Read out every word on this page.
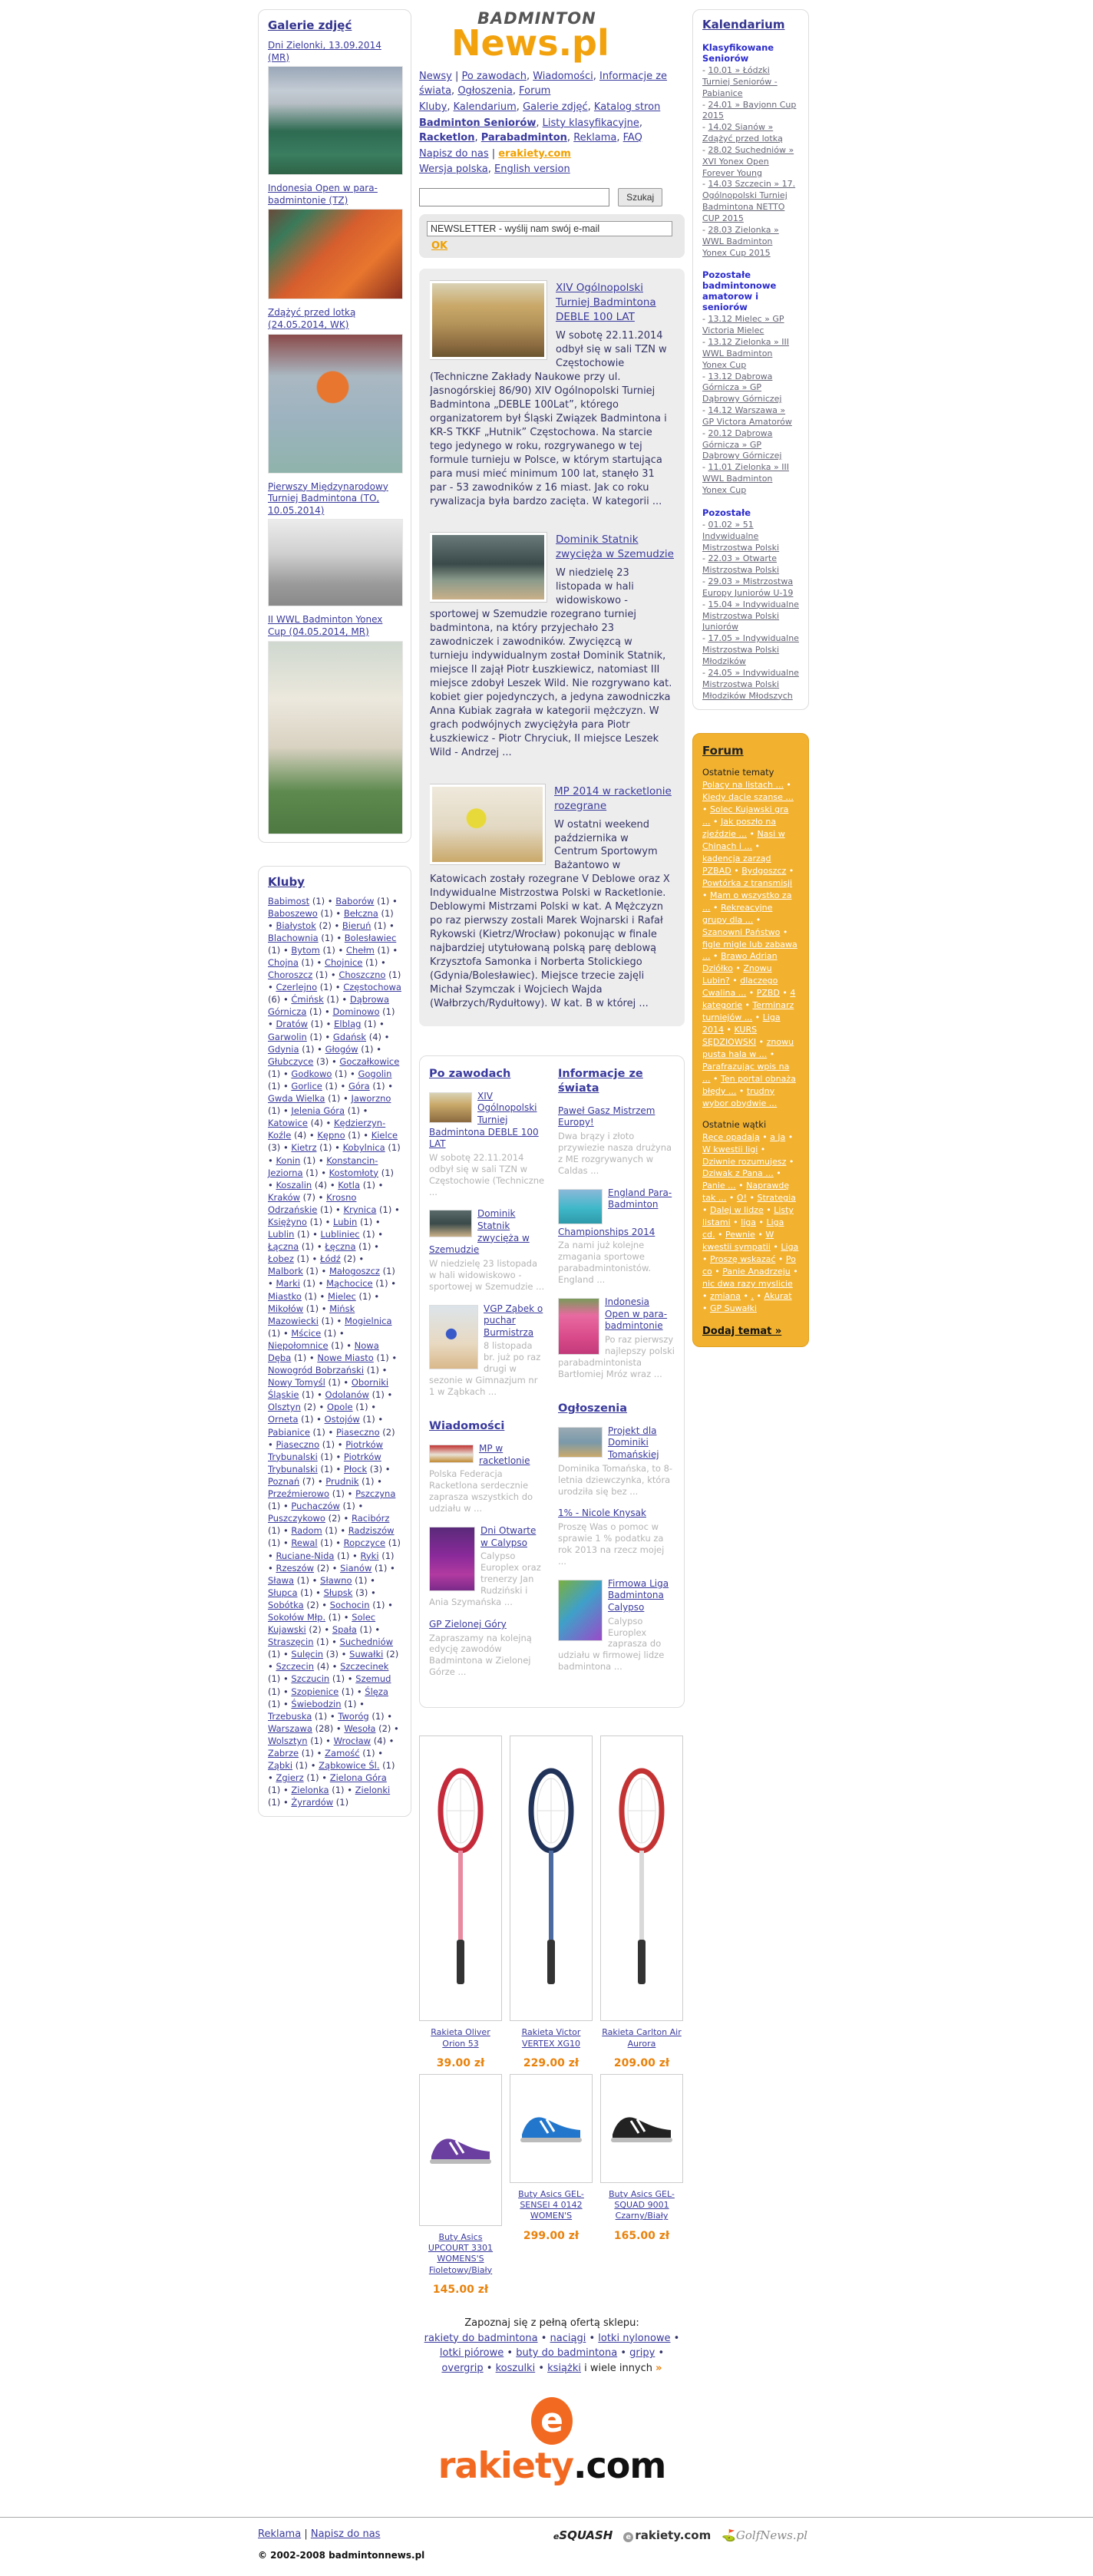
Galerie zdjęć
Dni Zielonki, 13.09.2014 (MR)
Indonesia Open w para-badmintonie (TZ)
Zdążyć przed lotką (24.05.2014, WK)
Pierwszy Międzynarodowy Turniej Badmintona (TO, 10.05.2014)
II WWL Badminton Yonex Cup (04.05.2014, MR)
Kluby
Babimost (1) • Baborów (1) • Baboszewo (1) • Bełczna (1) • Białystok (2) • Bieruń (1) • Blachownia (1) • Bolesławiec (1) • Bytom (1) • Chełm (1) • Chojna (1) • Chojnice (1) • Choroszcz (1) • Choszczno (1) • Czerlejno (1) • Częstochowa (6) • Ćmińsk (1) • Dąbrowa Górnicza (1) • Dominowo (1) • Dratów (1) • Elbląg (1) • Garwolin (1) • Gdańsk (4) • Gdynia (1) • Głogów (1) • Głubczyce (3) • Goczałkowice (1) • Godkowo (1) • Gogolin (1) • Gorlice (1) • Góra (1) • Gwda Wielka (1) • Jaworzno (1) • Jelenia Góra (1) • Katowice (4) • Kędzierzyn-Koźle (4) • Kępno (1) • Kielce (3) • Kietrz (1) • Kobylnica (1) • Konin (1) • Konstancin-Jeziorna (1) • Kostomłoty (1) • Koszalin (4) • Kotla (1) • Kraków (7) • Krosno Odrzańskie (1) • Krynica (1) • Księżyno (1) • Lubin (1) • Lublin (1) • Lubliniec (1) • Łączna (1) • Łęczna (1) • Łobez (1) • Łódź (2) • Malbork (1) • Małogoszcz (1) • Marki (1) • Mąchocice (1) • Miastko (1) • Mielec (1) • Mikołów (1) • Mińsk Mazowiecki (1) • Mogielnica (1) • Mścice (1) • Niepołomnice (1) • Nowa Dęba (1) • Nowe Miasto (1) • Nowogród Bobrzański (1) • Nowy Tomyśl (1) • Oborniki Śląskie (1) • Odolanów (1) • Olsztyn (2) • Opole (1) • Orneta (1) • Ostojów (1) • Pabianice (1) • Piaseczno (2) • Piaseczno (1) • Piotrków Trybunalski (1) • Piotrków Trybunalski (1) • Płock (3) • Poznań (7) • Prudnik (1) • Przeźmierowo (1) • Pszczyna (1) • Puchaczów (1) • Puszczykowo (2) • Racibórz (1) • Radom (1) • Radziszów (1) • Rewal (1) • Ropczyce (1) • Ruciane-Nida (1) • Ryki (1) • Rzeszów (2) • Sianów (1) • Sława (1) • Sławno (1) • Słupca (1) • Słupsk (3) • Sobótka (2) • Sochocin (1) • Sokołów Młp. (1) • Solec Kujawski (2) • Spała (1) • Straszęcin (1) • Suchedniów (1) • Sulęcin (3) • Suwałki (2) • Szczecin (4) • Szczecinek (1) • Szczucin (1) • Szemud (1) • Szopienice (1) • Ślęza (1) • Świebodzin (1) • Trzebuska (1) • Tworóg (1) • Warszawa (28) • Wesoła (2) • Wolsztyn (1) • Wrocław (4) • Zabrze (1) • Zamość (1) • Ząbki (1) • Ząbkowice Śl. (1) • Zgierz (1) • Zielona Góra (1) • Zielonka (1) • Zielonki (1) • Żyrardów (1)
BADMINTON
News.pl

Newsy | Po zawodach, Wiadomości, Informacje ze świata, Ogłoszenia, Forum

Kluby, Kalendarium, Galerie zdjęć, Katalog stron

Badminton Seniorów, Listy klasyfikacyjne, Racketlon, Parabadminton, Reklama, FAQ

Napisz do nas | erakiety.com

Wersja polska, English version

Szukaj
NEWSLETTER - wyślij nam swój e-mail
OK
XIV Ogólnopolski Turniej Badmintona DEBLE 100 LAT
W sobotę 22.11.2014 odbył się w sali TZN w Częstochowie (Techniczne Zakłady Naukowe przy ul. Jasnogórskiej 86/90) XIV Ogólnopolski Turniej Badmintona „DEBLE 100Lat”, którego organizatorem był Śląski Związek Badmintona i KR-S TKKF „Hutnik” Częstochowa. Na starcie tego jedynego w roku, rozgrywanego w tej formule turnieju w Polsce, w którym startująca para musi mieć minimum 100 lat, stanęło 31 par - 53 zawodników z 16 miast. Jak co roku rywalizacja była bardzo zacięta. W kategorii ...
Dominik Statnik zwycięża w Szemudzie
W niedzielę 23 listopada w hali widowiskowo - sportowej w Szemudzie rozegrano turniej badmintona, na który przyjechało 23 zawodniczek i zawodników. Zwycięzcą w turnieju indywidualnym został Dominik Statnik, miejsce II zajął Piotr Łuszkiewicz, natomiast III miejsce zdobył Leszek Wild. Nie rozgrywano kat. kobiet gier pojedynczych, a jedyna zawodniczka Anna Kubiak zagrała w kategorii mężczyzn. W grach podwójnych zwyciężyła para Piotr Łuszkiewicz - Piotr Chryciuk, II miejsce Leszek Wild - Andrzej ...
MP 2014 w racketlonie rozegrane
W ostatni weekend października w Centrum Sportowym Bażantowo w Katowicach zostały rozegrane V Deblowe oraz X Indywidualne Mistrzostwa Polski w Racketlonie. Deblowymi Mistrzami Polski w kat. A Mężczyzn po raz pierwszy zostali Marek Wojnarski i Rafał Rykowski (Kietrz/Wrocław) pokonując w finale najbardziej utytułowaną polską parę deblową Krzysztofa Samonka i Norberta Stolickiego (Gdynia/Bolesławiec). Miejsce trzecie zajęli Michał Szymczak i Wojciech Wajda (Wałbrzych/Rydułtowy). W kat. B w której ...
Po zawodach
XIV Ogólnopolski Turniej Badmintona DEBLE 100 LAT
W sobotę 22.11.2014 odbył się w sali TZN w Częstochowie (Techniczne ...
Dominik Statnik zwycięża w Szemudzie
W niedzielę 23 listopada w hali widowiskowo - sportowej w Szemudzie ...
VGP Ząbek o puchar Burmistrza
8 listopada br. już po raz drugi w sezonie w Gimnazjum nr 1 w Ząbkach ...
Wiadomości
MP w racketlonie
Polska Federacja Racketlona serdecznie zaprasza wszystkich do udziału w ...
Dni Otwarte w Calypso
Calypso Europlex oraz trenerzy Jan Rudziński i Ania Szymańska ...
GP Zielonej Góry
Zapraszamy na kolejną edycję zawodów Badmintona w Zielonej Górze ...
Informacje ze świata
Paweł Gasz Mistrzem Europy!
Dwa brązy i złoto przywiezie nasza drużyna z ME rozgrywanych w Caldas ...
England Para-Badminton Championships 2014
Za nami już kolejne zmagania sportowe parabadmintonistów. England ...
Indonesia Open w para-badmintonie
Po raz pierwszy najlepszy polski parabadmintonista Bartłomiej Mróz wraz ...
Ogłoszenia
Projekt dla Dominiki Tomańskiej
Dominika Tomańska, to 8-letnia dziewczynka, która urodziła się bez ...
1% - Nicole Knysak
Proszę Was o pomoc w sprawie 1 % podatku za rok 2013 na rzecz mojej ...
Firmowa Liga Badmintona Calypso
Calypso Europlex zaprasza do udziału w firmowej lidze badmintona ...
Rakieta Oliver Orion 53
39.00 zł
Rakieta Victor VERTEX XG10
229.00 zł
Rakieta Carlton Air Aurora
209.00 zł
Buty Asics UPCOURT 3301 WOMENS'S Fioletowy/Biały
145.00 zł
Buty Asics GEL-SENSEI 4 0142 WOMEN'S
299.00 zł
Buty Asics GEL-SQUAD 9001 Czarny/Biały
165.00 zł
Zapoznaj się z pełną ofertą sklepu:
rakiety do badmintona • naciągi • lotki nylonowe • lotki piórowe • buty do badmintona • gripy • overgrip • koszulki • książki i wiele innych »
e rakiety.com
Kalendarium
Klasyfikowane Seniorów
- 10.01 » Łódzki Turniej Seniorów - Pabianice
- 24.01 » Bayjonn Cup 2015
- 14.02 Sianów » Zdążyć przed lotką
- 28.02 Suchedniów » XVI Yonex Open Forever Young
- 14.03 Szczecin » 17. Ogólnopolski Turniej Badmintona NETTO CUP 2015
- 28.03 Zielonka » WWL Badminton Yonex Cup 2015
Pozostałe badmintonowe amatorow i seniorów
- 13.12 Mielec » GP Victoria Mielec
- 13.12 Zielonka » III WWL Badminton Yonex Cup
- 13.12 Dąbrowa Górnicza » GP Dąbrowy Górniczej
- 14.12 Warszawa » GP Victora Amatorów
- 20.12 Dąbrowa Górnicza » GP Dąbrowy Górniczej
- 11.01 Zielonka » III WWL Badminton Yonex Cup
Pozostałe
- 01.02 » 51 Indywidualne Mistrzostwa Polski
- 22.03 » Otwarte Mistrzostwa Polski
- 29.03 » Mistrzostwa Europy Juniorów U-19
- 15.04 » Indywidualne Mistrzostwa Polski Juniorów
- 17.05 » Indywidualne Mistrzostwa Polski Młodzików
- 24.05 » Indywidualne Mistrzostwa Polski Młodzików Młodszych
Forum
Ostatnie tematy
Polacy na listach ... • Kiedy dacie szanse ... • Solec Kujawski gra ... • Jak poszło na zjeździe ... • Nasi w Chinach i ... • kadencja zarząd PZBAD • Bydgoszcz • Powtórka z transmisji • Mam o wszystko za ... • Rekreacyjne grupy dla ... • Szanowni Państwo • figle migle lub zabawa ... • Brawo Adrian Dziółko • Znowu Lubin? • dlaczego Cwalina ... • PZBD • 4 kategorie • Terminarz turniejów ... • Liga 2014 • KURS SĘDZIOWSKI • znowu pusta hala w ... • Parafrazując wpis na ... • Ten portal obnaża błędy ... • trudny wybor obydwie ...
Ostatnie wątki
Ręce opadają • a ja • W kwestii ligi • Dziwnie rozumujesz • Dziwak z Pana ... • Panie ... • Naprawdę tak ... • O! • Strategia • Dalej w lidze • Listy listami • liga • Liga cd. • Pewnie • W kwestii sympatii • Liga • Proszę wskazać • Po co • Panie Anadrzeju • nic dwa razy myslicie • zmiana • . • Akurat • GP Suwałki
Dodaj temat »
Reklama | Napisz do nas	eSQUASH	e rakiety.com ⛳GolfNews.pl
© 2002-2008 badmintonnews.pl
